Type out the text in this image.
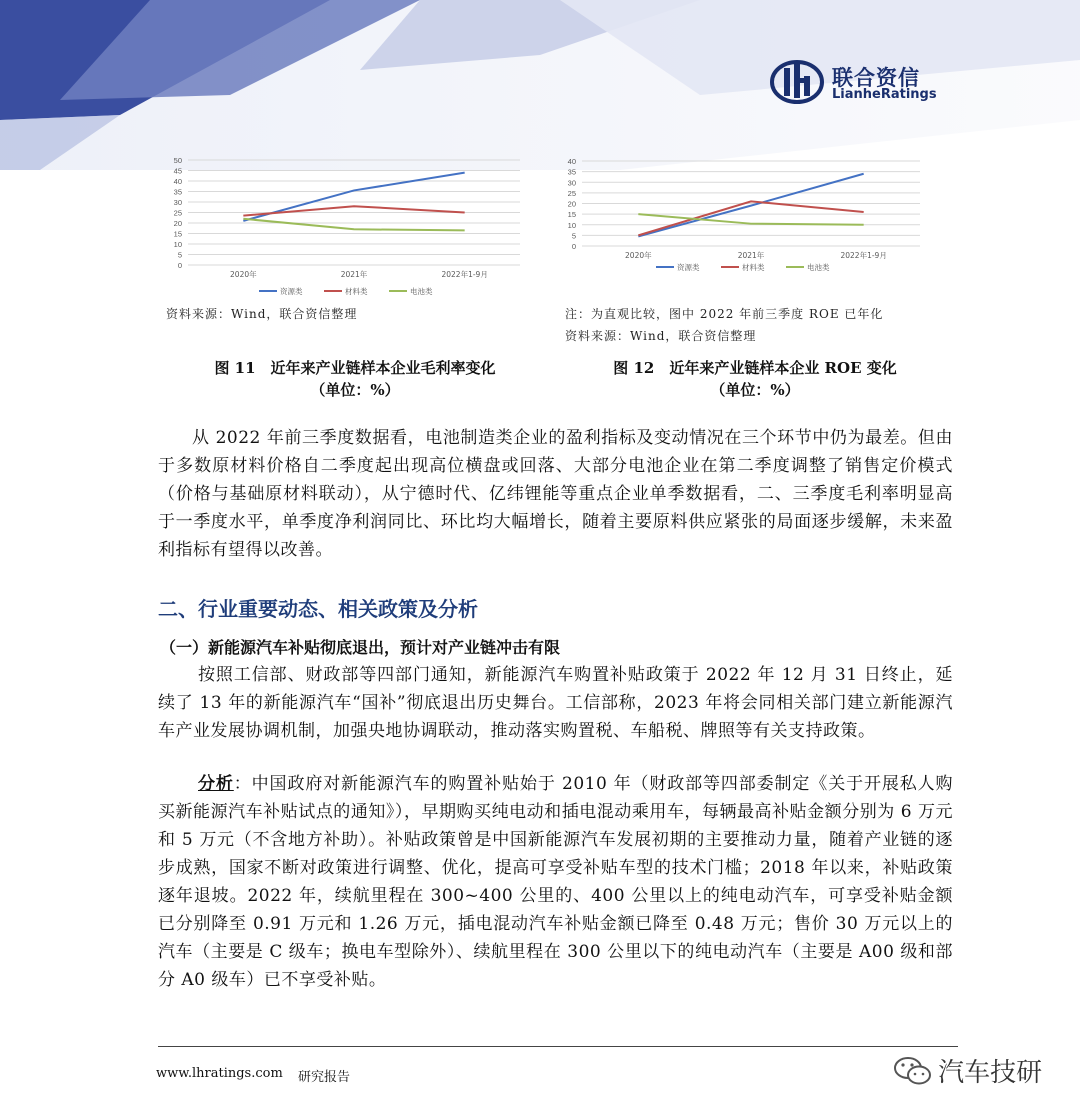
联合资信
LianheRatings
50
45
40
35
30
25
20
15
10
5
0
2020年	2021年	2022年1-9月
资源类	材料类	电池类
40
35
30
25
20
15
10
5
0
2020年	2021年	2022年1-9月
资源类	材料类	电池类
资料来源：Wind，联合资信整理	注：为直观比较，图中 2022 年前三季度 ROE 已年化
资料来源：Wind，联合资信整理
图 11　近年来产业链样本企业毛利率变化
（单位：%）
图 12　近年来产业链样本企业 ROE 变化
（单位：%）
从 2022 年前三季度数据看，电池制造类企业的盈利指标及变动情况在三个环节中仍为最差。但由于多数原材料价格自二季度起出现高位横盘或回落、大部分电池企业在第二季度调整了销售定价模式（价格与基础原材料联动），从宁德时代、亿纬锂能等重点企业单季数据看，二、三季度毛利率明显高于一季度水平，单季度净利润同比、环比均大幅增长，随着主要原料供应紧张的局面逐步缓解，未来盈利指标有望得以改善。
二、行业重要动态、相关政策及分析
（一）新能源汽车补贴彻底退出，预计对产业链冲击有限
按照工信部、财政部等四部门通知，新能源汽车购置补贴政策于 2022 年 12 月 31 日终止，延续了 13 年的新能源汽车“国补”彻底退出历史舞台。工信部称，2023 年将会同相关部门建立新能源汽车产业发展协调机制，加强央地协调联动，推动落实购置税、车船税、牌照等有关支持政策。
分析：中国政府对新能源汽车的购置补贴始于 2010 年（财政部等四部委制定《关于开展私人购买新能源汽车补贴试点的通知》），早期购买纯电动和插电混动乘用车，每辆最高补贴金额分别为 6 万元和 5 万元（不含地方补助）。补贴政策曾是中国新能源汽车发展初期的主要推动力量，随着产业链的逐步成熟，国家不断对政策进行调整、优化，提高可享受补贴车型的技术门槛；2018 年以来，补贴政策逐年退坡。2022 年，续航里程在 300~400 公里的、400 公里以上的纯电动汽车，可享受补贴金额已分别降至 0.91 万元和 1.26 万元，插电混动汽车补贴金额已降至 0.48 万元；售价 30 万元以上的汽车（主要是 C 级车；换电车型除外）、续航里程在 300 公里以下的纯电动汽车（主要是 A00 级和部分 A0 级车）已不享受补贴。
www.lhratings.com 研究报告	汽车技研
